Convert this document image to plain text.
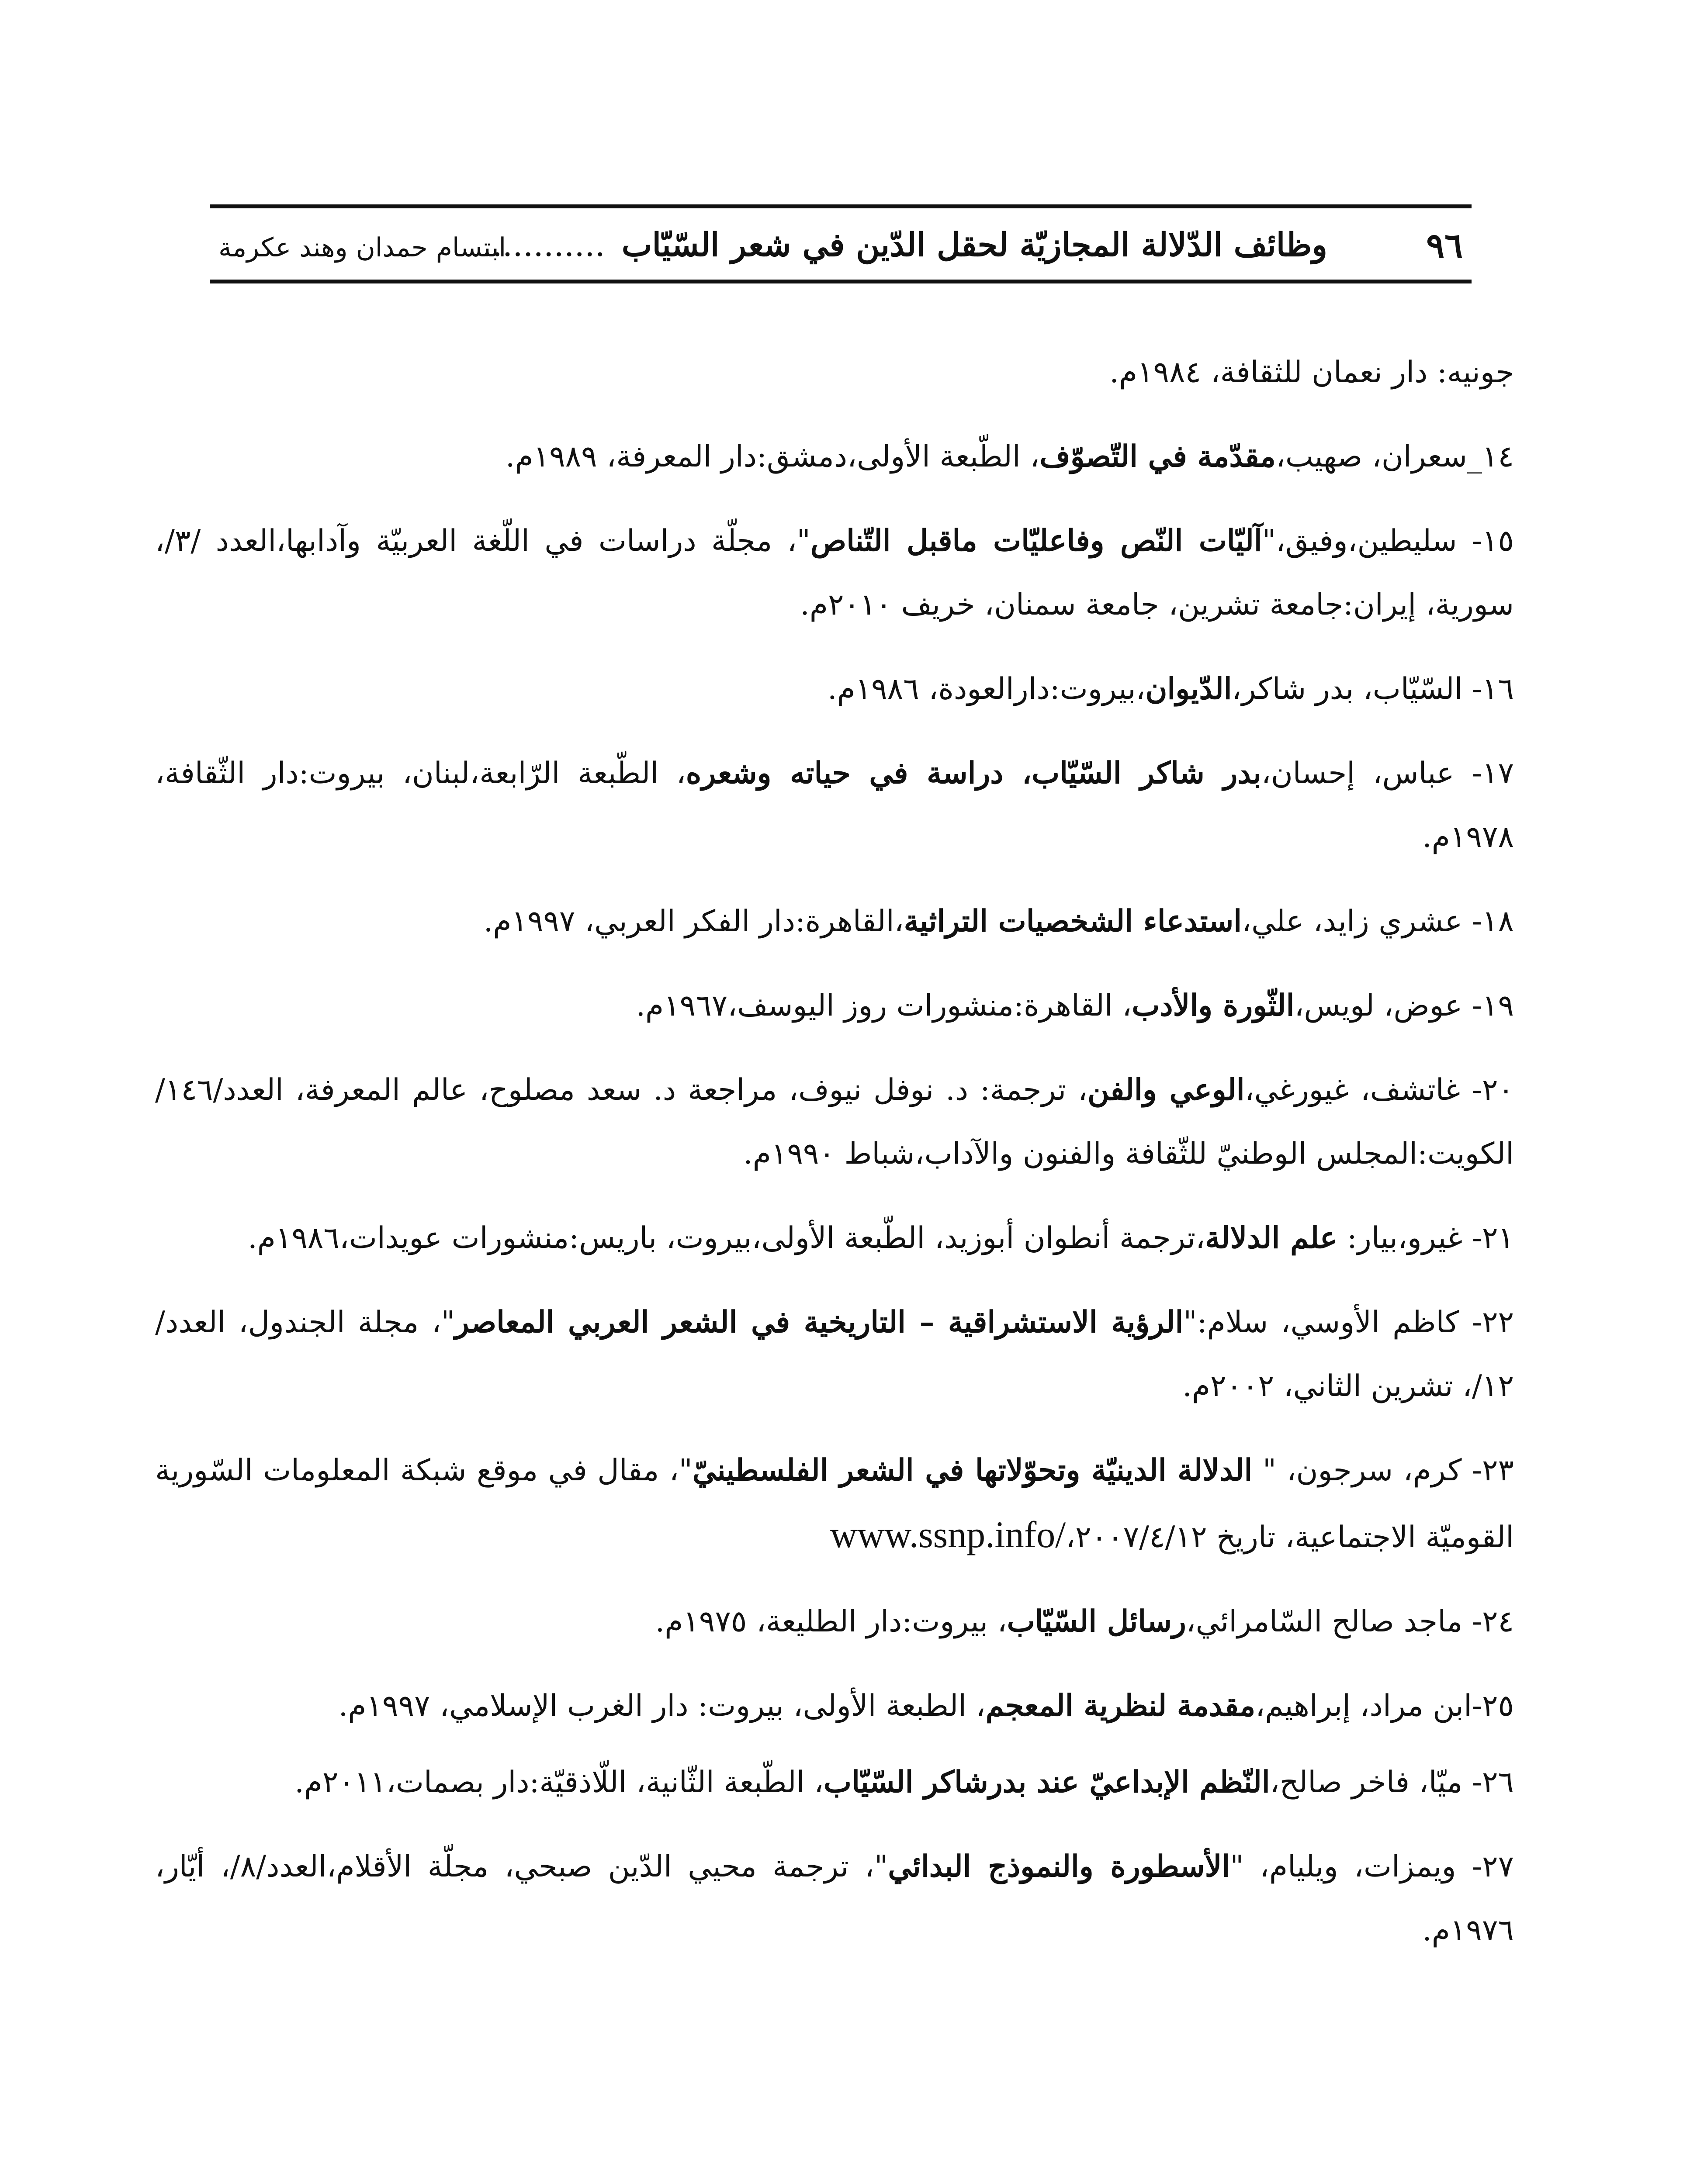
٩٦
وظائف الدّلالة المجازيّة لحقل الدّين في شعر السّيّاب ............
ابتسام حمدان وهند عكرمة

جونيه: دار نعمان للثقافة، ١٩٨٤م.

١٤_سعران، صهيب،مقدّمة في التّصوّف، الطّبعة الأولى،دمشق:دار المعرفة، ١٩٨٩م.

١٥- سليطين،وفيق،"آليّات النّص وفاعليّات ماقبل التّناص"، مجلّة دراسات في اللّغة العربيّة وآدابها،العدد /٣/، سورية، إيران:جامعة تشرين، جامعة سمنان، خريف ٢٠١٠م.

١٦- السّيّاب، بدر شاكر،الدّيوان،بيروت:دارالعودة، ١٩٨٦م.

١٧- عباس، إحسان،بدر شاكر السّيّاب، دراسة في حياته وشعره، الطّبعة الرّابعة،لبنان، بيروت:دار الثّقافة، ١٩٧٨م.

١٨- عشري زايد، علي،استدعاء الشخصيات التراثية،القاهرة:دار الفكر العربي، ١٩٩٧م.

١٩- عوض، لويس،الثّورة والأدب، القاهرة:منشورات روز اليوسف،١٩٦٧م.

٢٠- غاتشف، غيورغي،الوعي والفن، ترجمة: د. نوفل نيوف، مراجعة د. سعد مصلوح، عالم المعرفة، العدد/١٤٦/ الكويت:المجلس الوطنيّ للثّقافة والفنون والآداب،شباط ١٩٩٠م.

٢١- غيرو،بيار: علم الدلالة،ترجمة أنطوان أبوزيد، الطّبعة الأولى،بيروت، باريس:منشورات عويدات،١٩٨٦م.

٢٢- كاظم الأوسي، سلام:"الرؤية الاستشراقية – التاريخية في الشعر العربي المعاصر"، مجلة الجندول، العدد/١٢/، تشرين الثاني، ٢٠٠٢م.

٢٣- كرم، سرجون، " الدلالة الدينيّة وتحوّلاتها في الشعر الفلسطينيّ"، مقال في موقع شبكة المعلومات السّورية القوميّة الاجتماعية، تاريخ ٢٠٠٧/٤/١٢،www.ssnp.info/

٢٤- ماجد صالح السّامرائي،رسائل السّيّاب، بيروت:دار الطليعة، ١٩٧٥م.

٢٥-ابن مراد، إبراهيم،مقدمة لنظرية المعجم، الطبعة الأولى، بيروت: دار الغرب الإسلامي، ١٩٩٧م.

٢٦- ميّا، فاخر صالح،النّظم الإبداعيّ عند بدرشاكر السّيّاب، الطّبعة الثّانية، اللّاذقيّة:دار بصمات،٢٠١١م.

٢٧- ويمزات، ويليام، "الأسطورة والنموذج البدائي"، ترجمة محيي الدّين صبحي، مجلّة الأقلام،العدد/٨/، أيّار، ١٩٧٦م.
